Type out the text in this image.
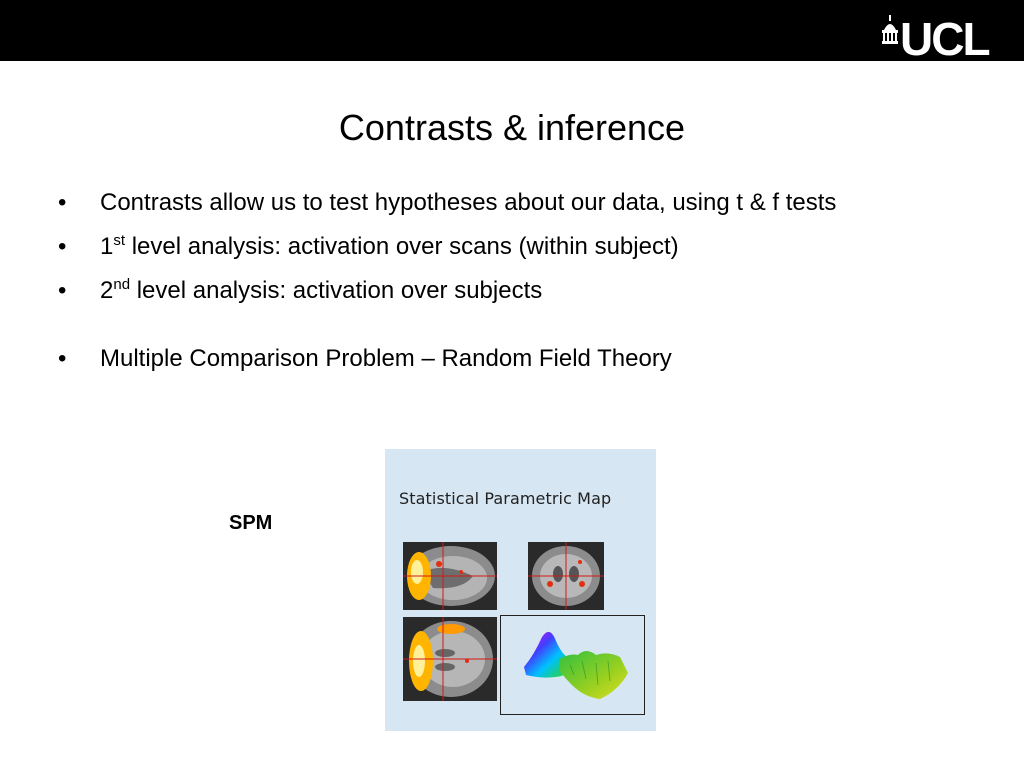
UCL
Contrasts & inference
• Contrasts allow us to test hypotheses about our data, using t & f tests
• 1st level analysis: activation over scans (within subject)
• 2nd level analysis: activation over subjects
• Multiple Comparison Problem – Random Field Theory
SPM
Statistical Parametric Map
